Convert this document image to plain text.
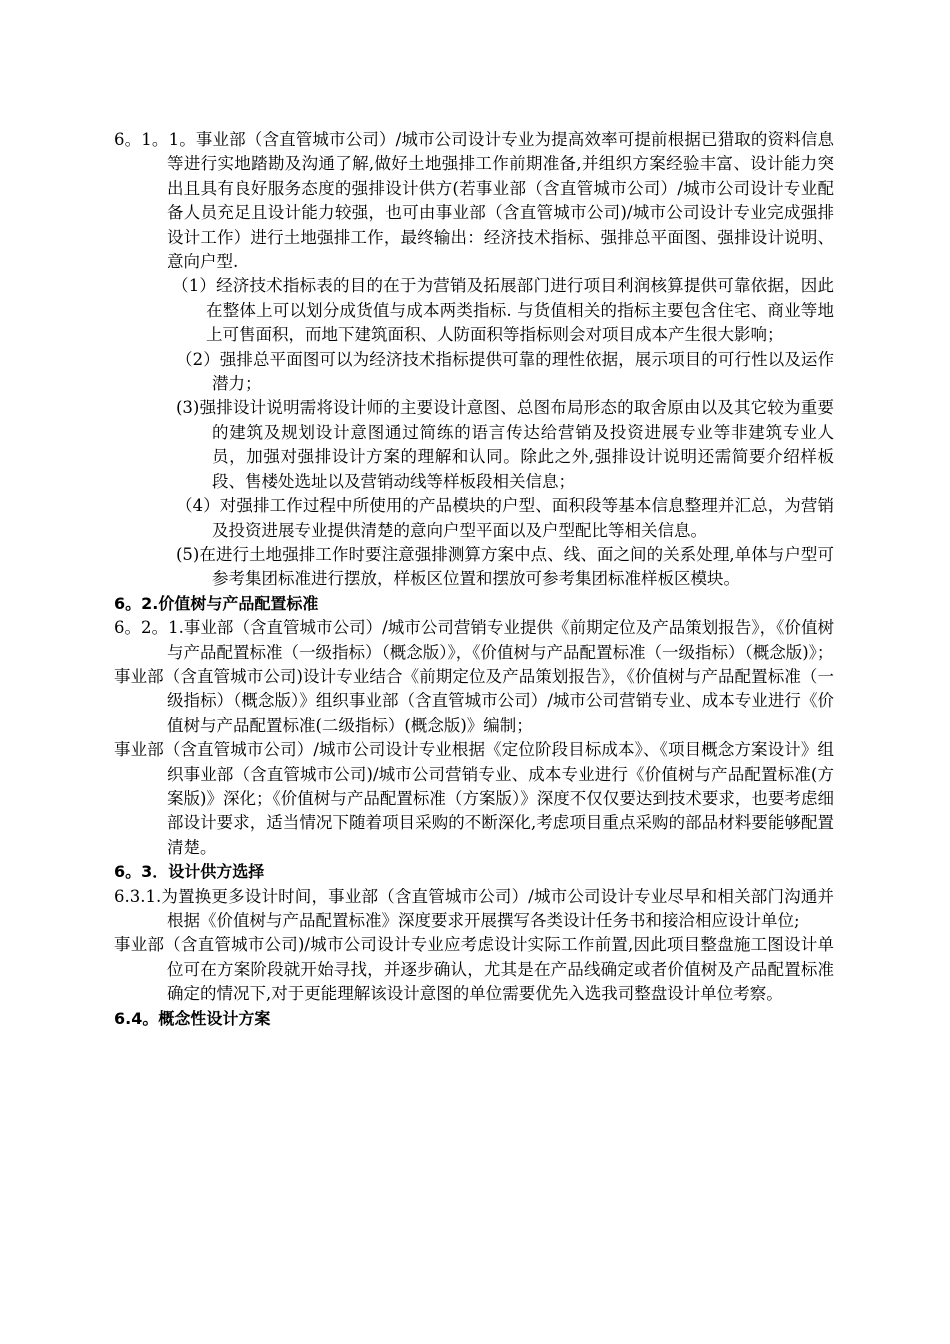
6。1。1。事业部（含直管城市公司）/城市公司设计专业为提高效率可提前根据已猎取的资料信息等进行实地踏勘及沟通了解,做好土地强排工作前期准备,并组织方案经验丰富、设计能力突出且具有良好服务态度的强排设计供方(若事业部（含直管城市公司）/城市公司设计专业配备人员充足且设计能力较强，也可由事业部（含直管城市公司)/城市公司设计专业完成强排设计工作）进行土地强排工作，最终输出：经济技术指标、强排总平面图、强排设计说明、意向户型.

（1）经济技术指标表的目的在于为营销及拓展部门进行项目利润核算提供可靠依据，因此在整体上可以划分成货值与成本两类指标. 与货值相关的指标主要包含住宅、商业等地上可售面积，而地下建筑面积、人防面积等指标则会对项目成本产生很大影响；

（2）强排总平面图可以为经济技术指标提供可靠的理性依据，展示项目的可行性以及运作潜力；

(3)强排设计说明需将设计师的主要设计意图、总图布局形态的取舍原由以及其它较为重要的建筑及规划设计意图通过简练的语言传达给营销及投资进展专业等非建筑专业人员，加强对强排设计方案的理解和认同。除此之外,强排设计说明还需简要介绍样板段、售楼处选址以及营销动线等样板段相关信息；

（4）对强排工作过程中所使用的产品模块的户型、面积段等基本信息整理并汇总，为营销及投资进展专业提供清楚的意向户型平面以及户型配比等相关信息。

(5)在进行土地强排工作时要注意强排测算方案中点、线、面之间的关系处理,单体与户型可参考集团标准进行摆放，样板区位置和摆放可参考集团标准样板区模块。

6。2.价值树与产品配置标准

6。2。1.事业部（含直管城市公司）/城市公司营销专业提供《前期定位及产品策划报告》，《价值树与产品配置标准（一级指标）（概念版）》，《价值树与产品配置标准（一级指标）（概念版)》；

事业部（含直管城市公司)设计专业结合《前期定位及产品策划报告》，《价值树与产品配置标准（一级指标）（概念版）》组织事业部（含直管城市公司）/城市公司营销专业、成本专业进行《价值树与产品配置标准(二级指标）(概念版)》编制；

事业部（含直管城市公司）/城市公司设计专业根据《定位阶段目标成本》、《项目概念方案设计》组织事业部（含直管城市公司)/城市公司营销专业、成本专业进行《价值树与产品配置标准(方案版)》深化；《价值树与产品配置标准（方案版）》深度不仅仅要达到技术要求，也要考虑细部设计要求，适当情况下随着项目采购的不断深化,考虑项目重点采购的部品材料要能够配置清楚。

6。3．设计供方选择

6.3.1.为置换更多设计时间，事业部（含直管城市公司）/城市公司设计专业尽早和相关部门沟通并根据《价值树与产品配置标准》深度要求开展撰写各类设计任务书和接洽相应设计单位;

事业部（含直管城市公司)/城市公司设计专业应考虑设计实际工作前置,因此项目整盘施工图设计单位可在方案阶段就开始寻找，并逐步确认，尤其是在产品线确定或者价值树及产品配置标准确定的情况下,对于更能理解该设计意图的单位需要优先入选我司整盘设计单位考察。

6.4。概念性设计方案
